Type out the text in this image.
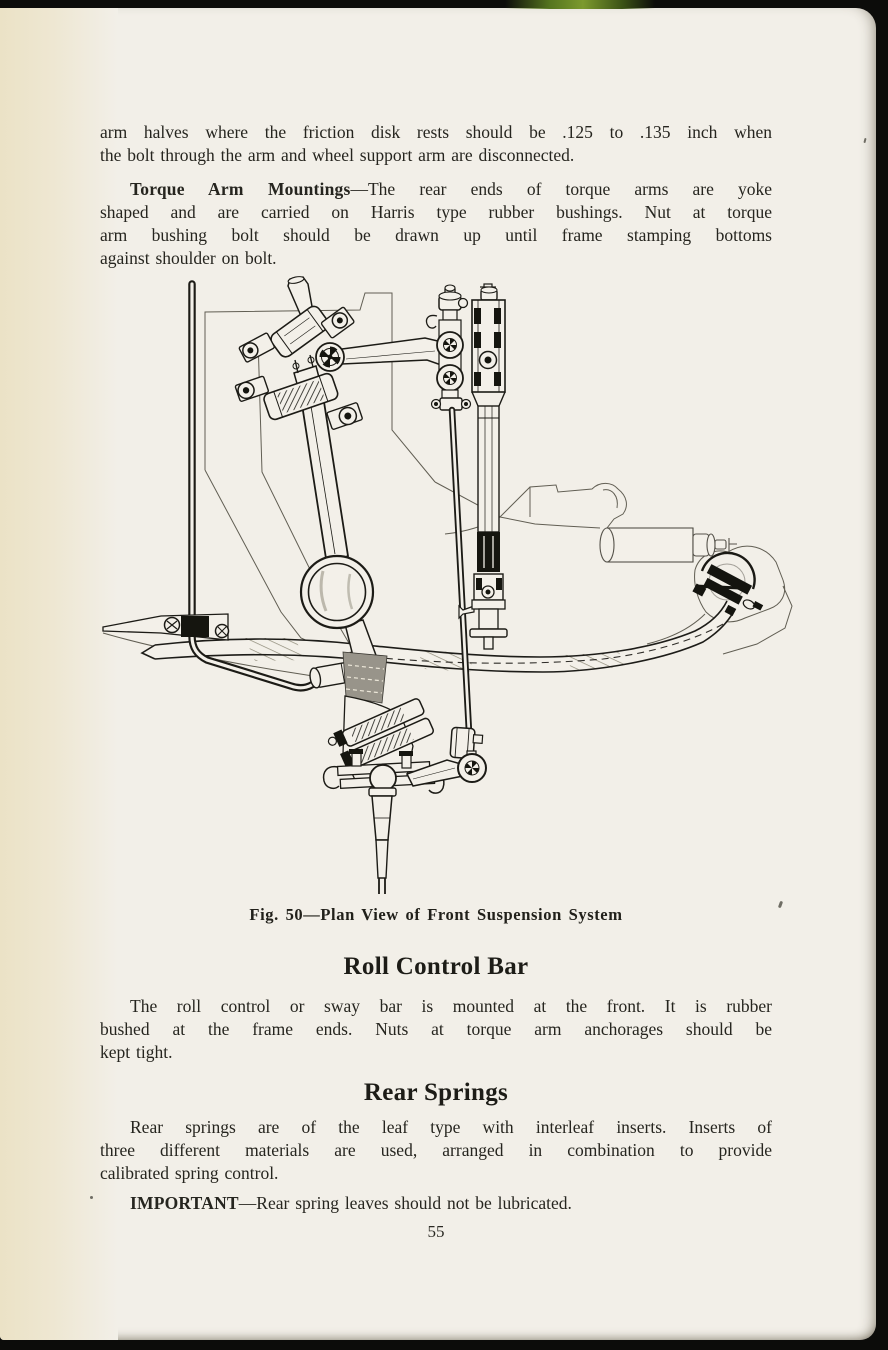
arm halves where the friction disk rests should be .125 to .135 inch when
the bolt through the arm and wheel support arm are disconnected.
Torque Arm Mountings—The rear ends of torque arms are yoke
shaped and are carried on Harris type rubber bushings. Nut at torque
arm bushing bolt should be drawn up until frame stamping bottoms
against shoulder on bolt.
Fig. 50—Plan View of Front Suspension System
Roll Control Bar
The roll control or sway bar is mounted at the front. It is rubber
bushed at the frame ends. Nuts at torque arm anchorages should be
kept tight.
Rear Springs
Rear springs are of the leaf type with interleaf inserts. Inserts of
three different materials are used, arranged in combination to provide
calibrated spring control.
IMPORTANT—Rear spring leaves should not be lubricated.
55
